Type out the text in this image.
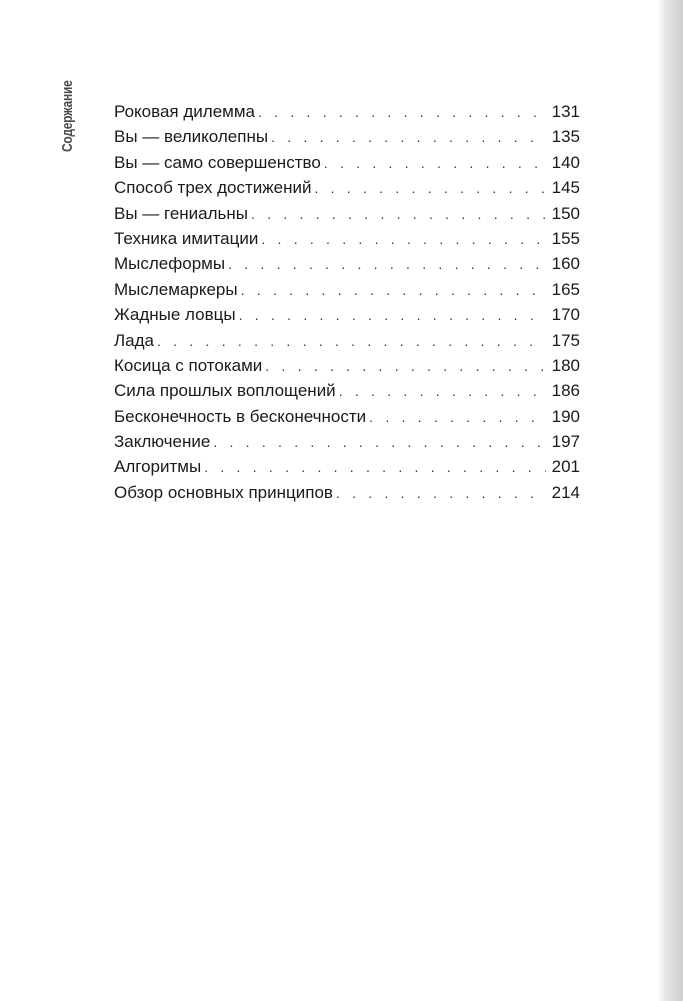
Содержание Роковая дилемма . . .	131
Вы — великолепны . . .	135
Вы — само совершенство . . .	140
Способ трех достижений . . .	145
Вы — гениальны . . .	150
Техника имитации . . .	155
Мыслеформы . . .	160
Мыслемаркеры . . .	165
Жадные ловцы . . .	170
Лада . . .	175
Косица с потоками . . .	180
Сила прошлых воплощений . . .	186
Бесконечность в бесконечности . . .	190
Заключение . . .	197
Алгоритмы . . .	201
Обзор основных принципов . . .	214
